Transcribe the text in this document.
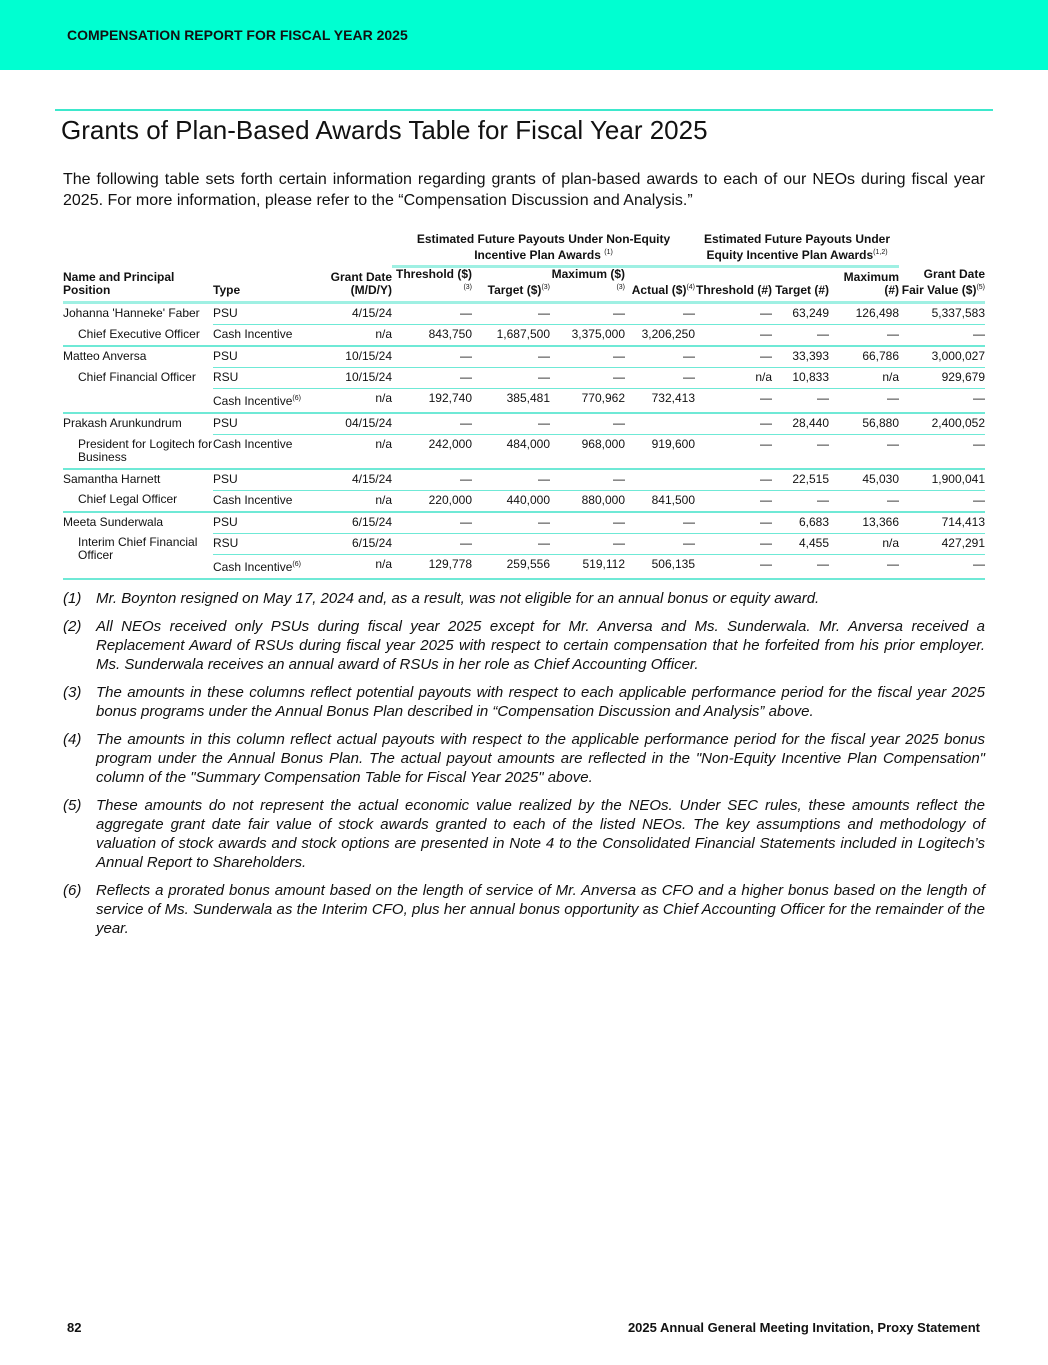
COMPENSATION REPORT FOR FISCAL YEAR 2025
Grants of Plan-Based Awards Table for Fiscal Year 2025

The following table sets forth certain information regarding grants of plan-based awards to each of our NEOs during fiscal year 2025. For more information, please refer to the “Compensation Discussion and Analysis.”

			Estimated Future Payouts Under Non-Equity Incentive Plan Awards $^{(1)}$				Estimated Future Payouts Under Equity Incentive Plan Awards$^{(1,2)}$	
Name and Principal Position	Type	Grant Date (M/D/Y)	Threshold ($)$^{(3)}$	Target ($)$^{(3)}$	Maximum ($)$^{(3)}$	Actual ($)$^{(4)}$	Threshold (#)	Target (#)	Maximum (#)	Grant Date Fair Value ($)$^{(5)}$
Johanna 'Hanneke' Faber	PSU	4/15/24	—	—	—	—	—	63,249	126,498	5,337,583
Chief Executive Officer	Cash Incentive	n/a	843,750	1,687,500	3,375,000	3,206,250	—	—	—	—
Matteo Anversa	PSU	10/15/24	—	—	—	—	—	33,393	66,786	3,000,027
Chief Financial Officer	RSU	10/15/24	—	—	—	—	n/a	10,833	n/a	929,679
	Cash Incentive$^{(6)}$	n/a	192,740	385,481	770,962	732,413	—	—	—	—
Prakash Arunkundrum	PSU	04/15/24	—	—	—		—	28,440	56,880	2,400,052
President for Logitech for Business	Cash Incentive	n/a	242,000	484,000	968,000	919,600	—	—	—	—
Samantha Harnett	PSU	4/15/24	—	—	—		—	22,515	45,030	1,900,041
Chief Legal Officer	Cash Incentive	n/a	220,000	440,000	880,000	841,500	—	—	—	—
Meeta Sunderwala	PSU	6/15/24	—	—	—	—	—	6,683	13,366	714,413
Interim Chief Financial Officer	RSU	6/15/24	—	—	—	—	—	4,455	n/a	427,291
	Cash Incentive$^{(6)}$	n/a	129,778	259,556	519,112	506,135	—	—	—	—
(1) Mr. Boynton resigned on May 17, 2024 and, as a result, was not eligible for an annual bonus or equity award.
(2) All NEOs received only PSUs during fiscal year 2025 except for Mr. Anversa and Ms. Sunderwala. Mr. Anversa received a Replacement Award of RSUs during fiscal year 2025 with respect to certain compensation that he forfeited from his prior employer. Ms. Sunderwala receives an annual award of RSUs in her role as Chief Accounting Officer.
(3) The amounts in these columns reflect potential payouts with respect to each applicable performance period for the fiscal year 2025 bonus programs under the Annual Bonus Plan described in “Compensation Discussion and Analysis” above.
(4) The amounts in this column reflect actual payouts with respect to the applicable performance period for the fiscal year 2025 bonus program under the Annual Bonus Plan. The actual payout amounts are reflected in the "Non-Equity Incentive Plan Compensation" column of the "Summary Compensation Table for Fiscal Year 2025" above.
(5) These amounts do not represent the actual economic value realized by the NEOs. Under SEC rules, these amounts reflect the aggregate grant date fair value of stock awards granted to each of the listed NEOs. The key assumptions and methodology of valuation of stock awards and stock options are presented in Note 4 to the Consolidated Financial Statements included in Logitech’s Annual Report to Shareholders.
(6) Reflects a prorated bonus amount based on the length of service of Mr. Anversa as CFO and a higher bonus based on the length of service of Ms. Sunderwala as the Interim CFO, plus her annual bonus opportunity as Chief Accounting Officer for the remainder of the year.
82	2025 Annual General Meeting Invitation, Proxy Statement
